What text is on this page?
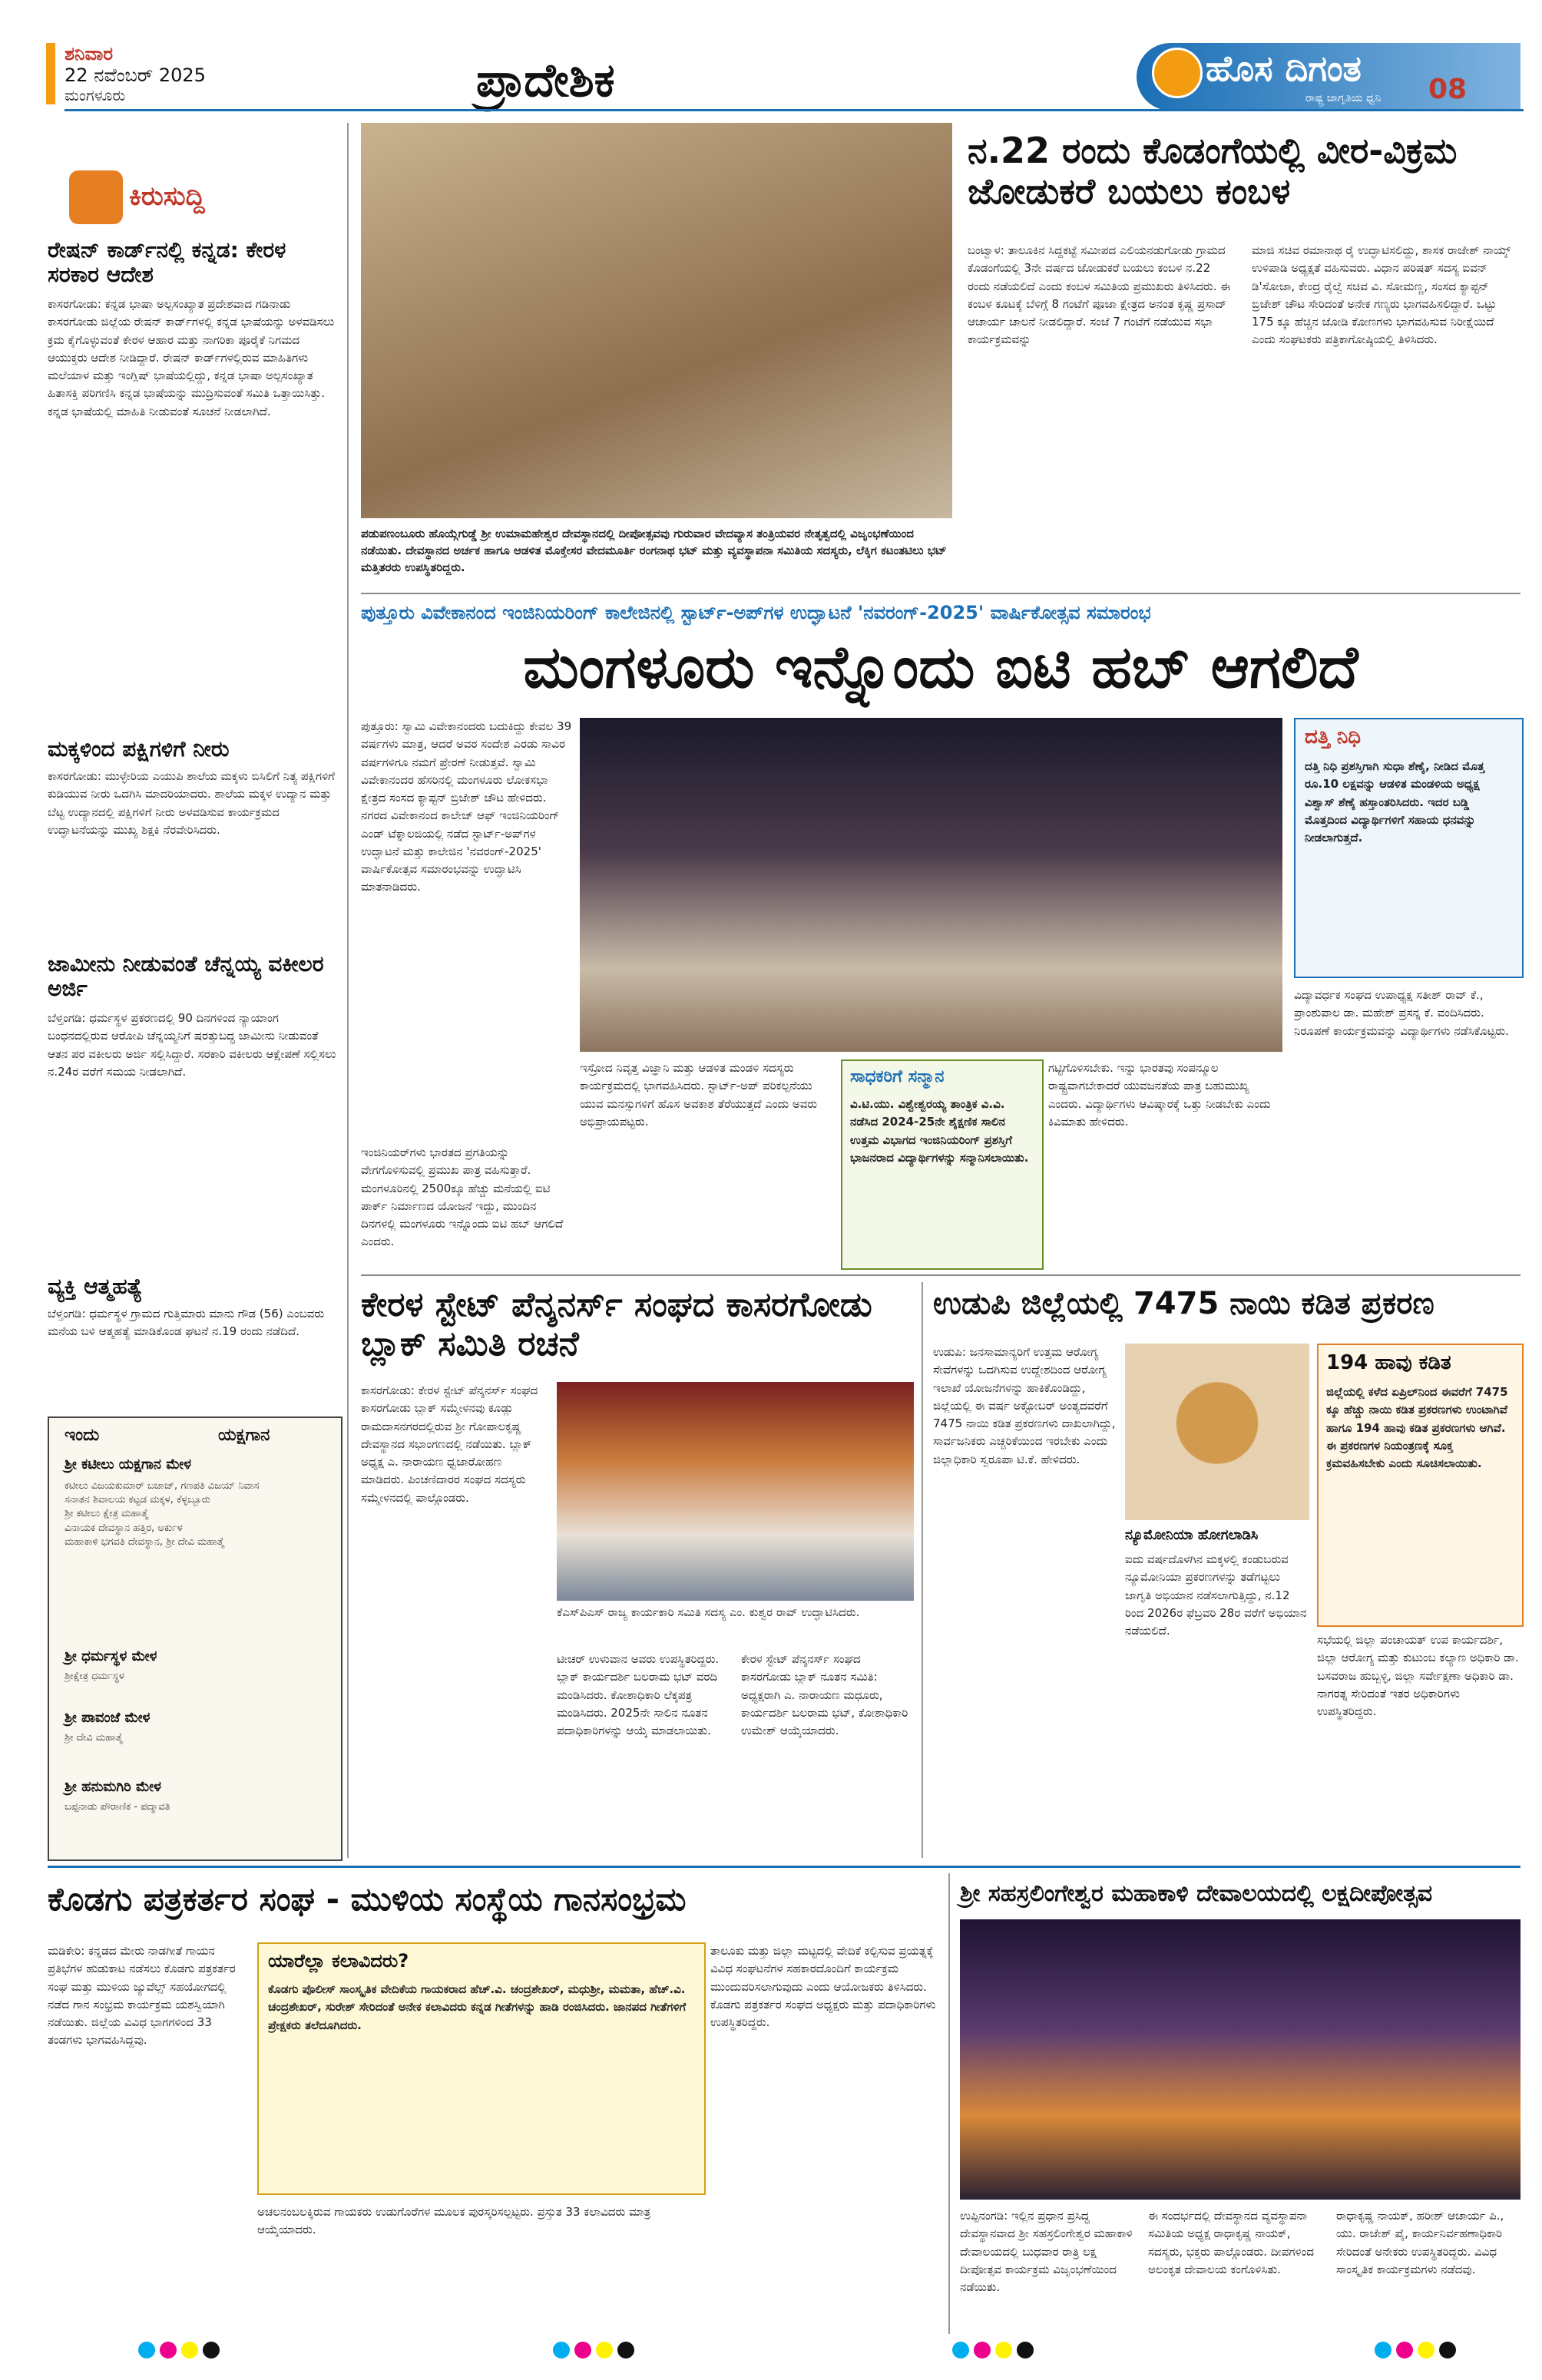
ಶನಿವಾರ
22 ನವೆಂಬರ್ 2025
ಮಂಗಳೂರು	ಪ್ರಾದೇಶಿಕ	ಹೊಸ ದಿಗಂತ
ರಾಷ್ಟ್ರ ಜಾಗೃತಿಯ ಧ್ವನಿ 08
ಕಿರುಸುದ್ದಿ
ರೇಷನ್ ಕಾರ್ಡ್‌ನಲ್ಲಿ ಕನ್ನಡ: ಕೇರಳ ಸರಕಾರ ಆದೇಶ
ಕಾಸರಗೋಡು: ಕನ್ನಡ ಭಾಷಾ ಅಲ್ಪಸಂಖ್ಯಾತ ಪ್ರದೇಶವಾದ ಗಡಿನಾಡು ಕಾಸರಗೋಡು ಜಿಲ್ಲೆಯ ರೇಷನ್ ಕಾರ್ಡ್‌ಗಳಲ್ಲಿ ಕನ್ನಡ ಭಾಷೆಯನ್ನು ಅಳವಡಿಸಲು ಕ್ರಮ ಕೈಗೊಳ್ಳುವಂತೆ ಕೇರಳ ಆಹಾರ ಮತ್ತು ನಾಗರಿಕಾ ಪೂರೈಕೆ ನಿಗಮದ ಆಯುಕ್ತರು ಆದೇಶ ನೀಡಿದ್ದಾರೆ. ರೇಷನ್ ಕಾರ್ಡ್‌ಗಳಲ್ಲಿರುವ ಮಾಹಿತಿಗಳು ಮಲೆಯಾಳ ಮತ್ತು ಇಂಗ್ಲಿಷ್ ಭಾಷೆಯಲ್ಲಿದ್ದು, ಕನ್ನಡ ಭಾಷಾ ಅಲ್ಪಸಂಖ್ಯಾತ ಹಿತಾಸಕ್ತಿ ಪರಿಗಣಿಸಿ ಕನ್ನಡ ಭಾಷೆಯನ್ನು ಮುದ್ರಿಸುವಂತೆ ಸಮಿತಿ ಒತ್ತಾಯಿಸಿತ್ತು. ಕನ್ನಡ ಭಾಷೆಯಲ್ಲಿ ಮಾಹಿತಿ ನೀಡುವಂತೆ ಸೂಚನೆ ನೀಡಲಾಗಿದೆ.
ಮಕ್ಕಳಿಂದ ಪಕ್ಷಿಗಳಿಗೆ ನೀರು
ಕಾಸರಗೋಡು: ಮುಳ್ಳೇರಿಯ ಎಯುಪಿ ಶಾಲೆಯ ಮಕ್ಕಳು ಬಿಸಿಲಿಗೆ ನಿತ್ಯ ಪಕ್ಷಿಗಳಿಗೆ ಕುಡಿಯುವ ನೀರು ಒದಗಿಸಿ ಮಾದರಿಯಾದರು. ಶಾಲೆಯ ಮಕ್ಕಳ ಉದ್ಯಾನ ಮತ್ತು ಬೆಟ್ಟ ಉದ್ಯಾನದಲ್ಲಿ ಪಕ್ಷಿಗಳಿಗೆ ನೀರು ಅಳವಡಿಸುವ ಕಾರ್ಯಕ್ರಮದ ಉದ್ಘಾಟನೆಯನ್ನು ಮುಖ್ಯ ಶಿಕ್ಷಕಿ ನೆರವೇರಿಸಿದರು.
ಜಾಮೀನು ನೀಡುವಂತೆ ಚೆನ್ನಯ್ಯ ವಕೀಲರ ಅರ್ಜಿ
ಬೆಳ್ತಂಗಡಿ: ಧರ್ಮಸ್ಥಳ ಪ್ರಕರಣದಲ್ಲಿ 90 ದಿನಗಳಿಂದ ನ್ಯಾಯಾಂಗ ಬಂಧನದಲ್ಲಿರುವ ಆರೋಪಿ ಚೆನ್ನಯ್ಯನಿಗೆ ಷರತ್ತುಬದ್ಧ ಜಾಮೀನು ನೀಡುವಂತೆ ಆತನ ಪರ ವಕೀಲರು ಅರ್ಜಿ ಸಲ್ಲಿಸಿದ್ದಾರೆ. ಸರಕಾರಿ ವಕೀಲರು ಆಕ್ಷೇಪಣೆ ಸಲ್ಲಿಸಲು ನ.24ರ ವರೆಗೆ ಸಮಯ ನೀಡಲಾಗಿದೆ.
ವ್ಯಕ್ತಿ ಆತ್ಮಹತ್ಯೆ
ಬೆಳ್ತಂಗಡಿ: ಧರ್ಮಸ್ಥಳ ಗ್ರಾಮದ ಗುತ್ತಿಮಾರು ಮಾನು ಗೌಡ (56) ಎಂಬವರು ಮನೆಯ ಬಳಿ ಆತ್ಮಹತ್ಯೆ ಮಾಡಿಕೊಂಡ ಘಟನೆ ನ.19 ರಂದು ನಡೆದಿದೆ.
ಇಂದು	ಯಕ್ಷಗಾನ
ಶ್ರೀ ಕಟೀಲು ಯಕ್ಷಗಾನ ಮೇಳ
ಕಟೀಲು ವಿಜಯಕುಮಾರ್ ಬಜಾಜ್, ಗಣಪತಿ ವಿಜಯ್ ನಿವಾಸ
ಸನಾತನ ಶಿವಾಲಯ ಕಟ್ಟಡ ಮಕ್ಕಳ, ಕೆಳ್ಳಬ್ಬೂರು
ಶ್ರೀ ಕಟೀಲು ಕ್ಷೇತ್ರ ಮಹಾತ್ಮೆ
ವಿನಾಯಕ ದೇವಸ್ಥಾನ ಹತ್ತಿರ, ಅರ್ಕುಳ
ಮಹಾಕಾಳಿ ಭಗವತಿ ದೇವಸ್ಥಾನ, ಶ್ರೀ ದೇವಿ ಮಹಾತ್ಮೆ
ಶ್ರೀ ಧರ್ಮಸ್ಥಳ ಮೇಳ
ಶ್ರೀಕ್ಷೇತ್ರ ಧರ್ಮಸ್ಥಳ
ಶ್ರೀ ಪಾವಂಜೆ ಮೇಳ
ಶ್ರೀ ದೇವಿ ಮಹಾತ್ಮೆ
ಶ್ರೀ ಹನುಮಗಿರಿ ಮೇಳ
ಬಪ್ಪನಾಡು ಪೌರಾಣಿಕ - ಪದ್ಮಾವತಿ
ಪಡುಪಣಂಬೂರು ಹೊಯ್ಗೆಗುಡ್ಡೆ ಶ್ರೀ ಉಮಾಮಹೇಶ್ವರ ದೇವಸ್ಥಾನದಲ್ಲಿ ದೀಪೋತ್ಸವವು ಗುರುವಾರ ವೇದವ್ಯಾಸ ತಂತ್ರಿಯವರ ನೇತೃತ್ವದಲ್ಲಿ ವಿಜೃಂಭಣೆಯಿಂದ ನಡೆಯಿತು. ದೇವಸ್ಥಾನದ ಅರ್ಚಕ ಹಾಗೂ ಆಡಳಿತ ಮೊಕ್ತೇಸರ ವೇದಮೂರ್ತಿ ರಂಗನಾಥ ಭಟ್ ಮತ್ತು ವ್ಯವಸ್ಥಾಪನಾ ಸಮಿತಿಯ ಸದಸ್ಯರು, ಲೆಕ್ಕಿಗ ಕಟಂತಟಿಲು ಭಟ್ ಮತ್ತಿತರರು ಉಪಸ್ಥಿತರಿದ್ದರು.
ನ.22 ರಂದು ಕೊಡಂಗೆಯಲ್ಲಿ ವೀರ-ವಿಕ್ರಮ ಜೋಡುಕರೆ ಬಯಲು ಕಂಬಳ
ಬಂಟ್ವಾಳ: ತಾಲೂಕಿನ ಸಿದ್ದಕಟ್ಟೆ ಸಮೀಪದ ಎಲಿಯನಡುಗೋಡು ಗ್ರಾಮದ ಕೊಡಂಗೆಯಲ್ಲಿ 3ನೇ ವರ್ಷದ ಜೋಡುಕರೆ ಬಯಲು ಕಂಬಳ ನ.22 ರಂದು ನಡೆಯಲಿದೆ ಎಂದು ಕಂಬಳ ಸಮಿತಿಯ ಪ್ರಮುಖರು ತಿಳಿಸಿದರು. ಈ ಕಂಬಳ ಕೂಟಕ್ಕೆ ಬೆಳಿಗ್ಗೆ 8 ಗಂಟೆಗೆ ಪೂಜಾ ಕ್ಷೇತ್ರದ ಅನಂತ ಕೃಷ್ಣ ಪ್ರಸಾದ್ ಆಚಾರ್ಯ ಚಾಲನೆ ನೀಡಲಿದ್ದಾರೆ. ಸಂಜೆ 7 ಗಂಟೆಗೆ ನಡೆಯುವ ಸಭಾ ಕಾರ್ಯಕ್ರಮವನ್ನು
ಮಾಜಿ ಸಚಿವ ರಮಾನಾಥ ರೈ ಉದ್ಘಾಟಿಸಲಿದ್ದು, ಶಾಸಕ ರಾಜೇಶ್ ನಾಯ್ಕ್ ಉಳಿಪಾಡಿ ಅಧ್ಯಕ್ಷತೆ ವಹಿಸುವರು. ವಿಧಾನ ಪರಿಷತ್ ಸದಸ್ಯ ಐವನ್ ಡಿ'ಸೋಜಾ, ಕೇಂದ್ರ ರೈಲ್ವೆ ಸಚಿವ ವಿ. ಸೋಮಣ್ಣ, ಸಂಸದ ಕ್ಯಾಪ್ಟನ್ ಬ್ರಿಜೇಶ್ ಚೌಟ ಸೇರಿದಂತೆ ಅನೇಕ ಗಣ್ಯರು ಭಾಗವಹಿಸಲಿದ್ದಾರೆ. ಒಟ್ಟು 175 ಕ್ಕೂ ಹೆಚ್ಚಿನ ಜೋಡಿ ಕೋಣಗಳು ಭಾಗವಹಿಸುವ ನಿರೀಕ್ಷೆಯಿದೆ ಎಂದು ಸಂಘಟಕರು ಪತ್ರಿಕಾಗೋಷ್ಠಿಯಲ್ಲಿ ತಿಳಿಸಿದರು.
ಪುತ್ತೂರು ವಿವೇಕಾನಂದ ಇಂಜಿನಿಯರಿಂಗ್ ಕಾಲೇಜಿನಲ್ಲಿ ಸ್ಟಾರ್ಟ್-ಅಪ್‌ಗಳ ಉದ್ಘಾಟನೆ 'ನವರಂಗ್-2025' ವಾರ್ಷಿಕೋತ್ಸವ ಸಮಾರಂಭ
ಮಂಗಳೂರು ಇನ್ನೊಂದು ಐಟಿ ಹಬ್ ಆಗಲಿದೆ
ಪುತ್ತೂರು: ಸ್ವಾಮಿ ವಿವೇಕಾನಂದರು ಬದುಕಿದ್ದು ಕೇವಲ 39 ವರ್ಷಗಳು ಮಾತ್ರ, ಆದರೆ ಅವರ ಸಂದೇಶ ಎರಡು ಸಾವಿರ ವರ್ಷಗಳಿಗೂ ನಮಗೆ ಪ್ರೇರಣೆ ನೀಡುತ್ತವೆ. ಸ್ವಾಮಿ ವಿವೇಕಾನಂದರ ಹೆಸರಿನಲ್ಲಿ ಮಂಗಳೂರು ಲೋಕಸಭಾ ಕ್ಷೇತ್ರದ ಸಂಸದ ಕ್ಯಾಪ್ಟನ್ ಬ್ರಿಜೇಶ್ ಚೌಟ ಹೇಳಿದರು. ನಗರದ ವಿವೇಕಾನಂದ ಕಾಲೇಜ್ ಆಫ್ ಇಂಜಿನಿಯರಿಂಗ್ ಎಂಡ್ ಟೆಕ್ನಾಲಜಿಯಲ್ಲಿ ನಡೆದ ಸ್ಟಾರ್ಟ್-ಅಪ್‌ಗಳ ಉದ್ಘಾಟನೆ ಮತ್ತು ಕಾಲೇಜಿನ 'ನವರಂಗ್-2025' ವಾರ್ಷಿಕೋತ್ಸವ ಸಮಾರಂಭವನ್ನು ಉದ್ಘಾಟಿಸಿ ಮಾತನಾಡಿದರು.
ದತ್ತಿ ನಿಧಿ
ದತ್ತಿ ನಿಧಿ ಪ್ರಶಸ್ತಿಗಾಗಿ ಸುಧಾ ಶೆಣೈ, ನೀಡಿದ ಮೊತ್ತ ರೂ.10 ಲಕ್ಷವನ್ನು ಆಡಳಿತ ಮಂಡಳಿಯ ಅಧ್ಯಕ್ಷ ವಿಶ್ವಾಸ್ ಶೆಣೈ ಹಸ್ತಾಂತರಿಸಿದರು. ಇದರ ಬಡ್ಡಿ ಮೊತ್ತದಿಂದ ವಿದ್ಯಾರ್ಥಿಗಳಿಗೆ ಸಹಾಯ ಧನವನ್ನು ನೀಡಲಾಗುತ್ತದೆ.
ಇಂಜಿನಿಯರ್‌ಗಳು ಭಾರತದ ಪ್ರಗತಿಯನ್ನು ವೇಗಗೊಳಿಸುವಲ್ಲಿ ಪ್ರಮುಖ ಪಾತ್ರ ವಹಿಸುತ್ತಾರೆ. ಮಂಗಳೂರಿನಲ್ಲಿ 2500ಕ್ಕೂ ಹೆಚ್ಚು ಮನೆಯಲ್ಲಿ ಐಟಿ ಪಾರ್ಕ್ ನಿರ್ಮಾಣದ ಯೋಜನೆ ಇದ್ದು, ಮುಂದಿನ ದಿನಗಳಲ್ಲಿ ಮಂಗಳೂರು ಇನ್ನೊಂದು ಐಟಿ ಹಬ್ ಆಗಲಿದೆ ಎಂದರು.
ಇಸ್ರೋದ ನಿವೃತ್ತ ವಿಜ್ಞಾನಿ ಮತ್ತು ಆಡಳಿತ ಮಂಡಳಿ ಸದಸ್ಯರು ಕಾರ್ಯಕ್ರಮದಲ್ಲಿ ಭಾಗವಹಿಸಿದರು. ಸ್ಟಾರ್ಟ್-ಅಪ್ ಪರಿಕಲ್ಪನೆಯು ಯುವ ಮನಸ್ಸುಗಳಿಗೆ ಹೊಸ ಅವಕಾಶ ತೆರೆಯುತ್ತದೆ ಎಂದು ಅವರು ಅಭಿಪ್ರಾಯಪಟ್ಟರು.
ಸಾಧಕರಿಗೆ ಸನ್ಮಾನ
ವಿ.ಟಿ.ಯು. ವಿಶ್ವೇಶ್ವರಯ್ಯ ತಾಂತ್ರಿಕ ವಿ.ವಿ. ನಡೆಸಿದ 2024-25ನೇ ಶೈಕ್ಷಣಿಕ ಸಾಲಿನ ಉತ್ತಮ ವಿಭಾಗದ ಇಂಜಿನಿಯರಿಂಗ್ ಪ್ರಶಸ್ತಿಗೆ ಭಾಜನರಾದ ವಿದ್ಯಾರ್ಥಿಗಳನ್ನು ಸನ್ಮಾನಿಸಲಾಯಿತು.
ಗಟ್ಟಿಗೊಳಿಸಬೇಕು. ಇನ್ನು ಭಾರತವು ಸಂಪನ್ಮೂಲ ರಾಷ್ಟ್ರವಾಗಬೇಕಾದರೆ ಯುವಜನತೆಯ ಪಾತ್ರ ಬಹುಮುಖ್ಯ ಎಂದರು. ವಿದ್ಯಾರ್ಥಿಗಳು ಆವಿಷ್ಕಾರಕ್ಕೆ ಒತ್ತು ನೀಡಬೇಕು ಎಂದು ಕಿವಿಮಾತು ಹೇಳಿದರು.
ವಿದ್ಯಾವರ್ಧಕ ಸಂಘದ ಉಪಾಧ್ಯಕ್ಷ ಸತೀಶ್ ರಾವ್ ಕೆ., ಪ್ರಾಂಶುಪಾಲ ಡಾ. ಮಹೇಶ್ ಪ್ರಸನ್ನ ಕೆ. ವಂದಿಸಿದರು. ನಿರೂಪಣೆ ಕಾರ್ಯಕ್ರಮವನ್ನು ವಿದ್ಯಾರ್ಥಿಗಳು ನಡೆಸಿಕೊಟ್ಟರು.
ಕೇರಳ ಸ್ಟೇಟ್ ಪೆನ್ಶನರ್ಸ್ ಸಂಘದ ಕಾಸರಗೋಡು ಬ್ಲಾಕ್ ಸಮಿತಿ ರಚನೆ
ಕಾಸರಗೋಡು: ಕೇರಳ ಸ್ಟೇಟ್ ಪೆನ್ಶನರ್ಸ್ ಸಂಘದ ಕಾಸರಗೋಡು ಬ್ಲಾಕ್ ಸಮ್ಮೇಳನವು ಕೂಡ್ಲು ರಾಮದಾಸನಗರದಲ್ಲಿರುವ ಶ್ರೀ ಗೋಪಾಲಕೃಷ್ಣ ದೇವಸ್ಥಾನದ ಸಭಾಂಗಣದಲ್ಲಿ ನಡೆಯಿತು. ಬ್ಲಾಕ್ ಅಧ್ಯಕ್ಷ ಎ. ನಾರಾಯಣ ಧ್ವಜಾರೋಹಣ ಮಾಡಿದರು. ಪಿಂಚಣಿದಾರರ ಸಂಘದ ಸದಸ್ಯರು ಸಮ್ಮೇಳನದಲ್ಲಿ ಪಾಲ್ಗೊಂಡರು.
ಕೆಎಸ್‌ಪಿಎಸ್ ರಾಜ್ಯ ಕಾರ್ಯಕಾರಿ ಸಮಿತಿ ಸದಸ್ಯ ಎಂ. ಕುಶ್ವರ ರಾವ್ ಉದ್ಘಾಟಿಸಿದರು.
ಟೀಚರ್ ಉಳುವಾನ ಅವರು ಉಪಸ್ಥಿತರಿದ್ದರು. ಬ್ಲಾಕ್ ಕಾರ್ಯದರ್ಶಿ ಬಲರಾಮ ಭಟ್ ವರದಿ ಮಂಡಿಸಿದರು. ಕೋಶಾಧಿಕಾರಿ ಲೆಕ್ಕಪತ್ರ ಮಂಡಿಸಿದರು. 2025ನೇ ಸಾಲಿನ ನೂತನ ಪದಾಧಿಕಾರಿಗಳನ್ನು ಆಯ್ಕೆ ಮಾಡಲಾಯಿತು.
ಕೇರಳ ಸ್ಟೇಟ್ ಪೆನ್ಶನರ್ಸ್ ಸಂಘದ ಕಾಸರಗೋಡು ಬ್ಲಾಕ್ ನೂತನ ಸಮಿತಿ: ಅಧ್ಯಕ್ಷರಾಗಿ ಎ. ನಾರಾಯಣ ಮಧೂರು, ಕಾರ್ಯದರ್ಶಿ ಬಲರಾಮ ಭಟ್, ಕೋಶಾಧಿಕಾರಿ ಉಮೇಶ್ ಆಯ್ಕೆಯಾದರು.
ಉಡುಪಿ ಜಿಲ್ಲೆಯಲ್ಲಿ 7475 ನಾಯಿ ಕಡಿತ ಪ್ರಕರಣ
ಉಡುಪಿ: ಜನಸಾಮಾನ್ಯರಿಗೆ ಉತ್ತಮ ಆರೋಗ್ಯ ಸೇವೆಗಳನ್ನು ಒದಗಿಸುವ ಉದ್ದೇಶದಿಂದ ಆರೋಗ್ಯ ಇಲಾಖೆ ಯೋಜನೆಗಳನ್ನು ಹಾಕಿಕೊಂಡಿದ್ದು, ಜಿಲ್ಲೆಯಲ್ಲಿ ಈ ವರ್ಷ ಅಕ್ಟೋಬರ್ ಅಂತ್ಯದವರೆಗೆ 7475 ನಾಯಿ ಕಡಿತ ಪ್ರಕರಣಗಳು ದಾಖಲಾಗಿದ್ದು, ಸಾರ್ವಜನಿಕರು ಎಚ್ಚರಿಕೆಯಿಂದ ಇರಬೇಕು ಎಂದು ಜಿಲ್ಲಾಧಿಕಾರಿ ಸ್ವರೂಪಾ ಟಿ.ಕೆ. ಹೇಳಿದರು.
ನ್ಯೂಮೋನಿಯಾ ಹೋಗಲಾಡಿಸಿ
ಐದು ವರ್ಷದೊಳಗಿನ ಮಕ್ಕಳಲ್ಲಿ ಕಂಡುಬರುವ ನ್ಯೂಮೋನಿಯಾ ಪ್ರಕರಣಗಳನ್ನು ತಡೆಗಟ್ಟಲು ಜಾಗೃತಿ ಅಭಿಯಾನ ನಡೆಸಲಾಗುತ್ತಿದ್ದು, ನ.12 ರಿಂದ 2026ರ ಫೆಬ್ರವರಿ 28ರ ವರೆಗೆ ಅಭಿಯಾನ ನಡೆಯಲಿದೆ.
194 ಹಾವು ಕಡಿತ
ಜಿಲ್ಲೆಯಲ್ಲಿ ಕಳೆದ ಏಪ್ರಿಲ್‌ನಿಂದ ಈವರೆಗೆ 7475 ಕ್ಕೂ ಹೆಚ್ಚು ನಾಯಿ ಕಡಿತ ಪ್ರಕರಣಗಳು ಉಂಟಾಗಿವೆ ಹಾಗೂ 194 ಹಾವು ಕಡಿತ ಪ್ರಕರಣಗಳು ಆಗಿವೆ. ಈ ಪ್ರಕರಣಗಳ ನಿಯಂತ್ರಣಕ್ಕೆ ಸೂಕ್ತ ಕ್ರಮವಹಿಸಬೇಕು ಎಂದು ಸೂಚಿಸಲಾಯಿತು.
ಸಭೆಯಲ್ಲಿ ಜಿಲ್ಲಾ ಪಂಚಾಯತ್ ಉಪ ಕಾರ್ಯದರ್ಶಿ, ಜಿಲ್ಲಾ ಆರೋಗ್ಯ ಮತ್ತು ಕುಟುಂಬ ಕಲ್ಯಾಣ ಅಧಿಕಾರಿ ಡಾ. ಬಸವರಾಜ ಹುಬ್ಬಳ್ಳಿ, ಜಿಲ್ಲಾ ಸರ್ವೇಕ್ಷಣಾ ಅಧಿಕಾರಿ ಡಾ. ನಾಗರತ್ನ ಸೇರಿದಂತೆ ಇತರ ಅಧಿಕಾರಿಗಳು ಉಪಸ್ಥಿತರಿದ್ದರು.
ಕೊಡಗು ಪತ್ರಕರ್ತರ ಸಂಘ - ಮುಳಿಯ ಸಂಸ್ಥೆಯ ಗಾನಸಂಭ್ರಮ
ಮಡಿಕೇರಿ: ಕನ್ನಡದ ಮೇರು ನಾಡಗೀತೆ ಗಾಯನ ಪ್ರತಿಭೆಗಳ ಹುಡುಕಾಟ ನಡೆಸಲು ಕೊಡಗು ಪತ್ರಕರ್ತರ ಸಂಘ ಮತ್ತು ಮುಳಿಯ ಜ್ಯುವೆಲ್ಸ್ ಸಹಯೋಗದಲ್ಲಿ ನಡೆದ ಗಾನ ಸಂಭ್ರಮ ಕಾರ್ಯಕ್ರಮ ಯಶಸ್ವಿಯಾಗಿ ನಡೆಯಿತು. ಜಿಲ್ಲೆಯ ವಿವಿಧ ಭಾಗಗಳಿಂದ 33 ತಂಡಗಳು ಭಾಗವಹಿಸಿದ್ದವು.
ಯಾರೆಲ್ಲಾ ಕಲಾವಿದರು?
ಕೊಡಗು ಪೊಲೀಸ್ ಸಾಂಸ್ಕೃತಿಕ ವೇದಿಕೆಯ ಗಾಯಕರಾದ ಹೆಚ್.ವಿ. ಚಂದ್ರಶೇಖರ್, ಮಧುಶ್ರೀ, ಮಮತಾ, ಹೆಚ್.ವಿ. ಚಂದ್ರಶೇಖರ್, ಸುರೇಶ್ ಸೇರಿದಂತೆ ಅನೇಕ ಕಲಾವಿದರು ಕನ್ನಡ ಗೀತೆಗಳನ್ನು ಹಾಡಿ ರಂಜಿಸಿದರು. ಜಾನಪದ ಗೀತೆಗಳಿಗೆ ಪ್ರೇಕ್ಷಕರು ತಲೆದೂಗಿದರು.
ಅಚಲನಂಬಲಕ್ಕಿರುವ ಗಾಯಕರು ಉಡುಗೊರೆಗಳ ಮೂಲಕ ಪುರಸ್ಕರಿಸಲ್ಪಟ್ಟರು. ಪ್ರಸ್ತುತ 33 ಕಲಾವಿದರು ಮಾತ್ರ ಆಯ್ಕೆಯಾದರು.
ತಾಲೂಕು ಮತ್ತು ಜಿಲ್ಲಾ ಮಟ್ಟದಲ್ಲಿ ವೇದಿಕೆ ಕಲ್ಪಿಸುವ ಪ್ರಯತ್ನಕ್ಕೆ ವಿವಿಧ ಸಂಘಟನೆಗಳ ಸಹಕಾರದೊಂದಿಗೆ ಕಾರ್ಯಕ್ರಮ ಮುಂದುವರಿಸಲಾಗುವುದು ಎಂದು ಆಯೋಜಕರು ತಿಳಿಸಿದರು. ಕೊಡಗು ಪತ್ರಕರ್ತರ ಸಂಘದ ಅಧ್ಯಕ್ಷರು ಮತ್ತು ಪದಾಧಿಕಾರಿಗಳು ಉಪಸ್ಥಿತರಿದ್ದರು.
ಶ್ರೀ ಸಹಸ್ರಲಿಂಗೇಶ್ವರ ಮಹಾಕಾಳಿ ದೇವಾಲಯದಲ್ಲಿ ಲಕ್ಷದೀಪೋತ್ಸವ
ಉಪ್ಪಿನಂಗಡಿ: ಇಲ್ಲಿನ ಪ್ರಧಾನ ಪ್ರಸಿದ್ಧ ದೇವಸ್ಥಾನವಾದ ಶ್ರೀ ಸಹಸ್ರಲಿಂಗೇಶ್ವರ ಮಹಾಕಾಳಿ ದೇವಾಲಯದಲ್ಲಿ ಬುಧವಾರ ರಾತ್ರಿ ಲಕ್ಷ ದೀಪೋತ್ಸವ ಕಾರ್ಯಕ್ರಮ ವಿಜೃಂಭಣೆಯಿಂದ ನಡೆಯಿತು.
ಈ ಸಂದರ್ಭದಲ್ಲಿ ದೇವಸ್ಥಾನದ ವ್ಯವಸ್ಥಾಪನಾ ಸಮಿತಿಯ ಅಧ್ಯಕ್ಷ ರಾಧಾಕೃಷ್ಣ ನಾಯಕ್, ಸದಸ್ಯರು, ಭಕ್ತರು ಪಾಲ್ಗೊಂಡರು. ದೀಪಗಳಿಂದ ಅಲಂಕೃತ ದೇವಾಲಯ ಕಂಗೊಳಿಸಿತು.
ರಾಧಾಕೃಷ್ಣ ನಾಯಕ್, ಹರೀಶ್ ಆಚಾರ್ಯ ಪಿ., ಯು. ರಾಜೇಶ್ ಪೈ, ಕಾರ್ಯನಿರ್ವಹಣಾಧಿಕಾರಿ ಸೇರಿದಂತೆ ಅನೇಕರು ಉಪಸ್ಥಿತರಿದ್ದರು. ವಿವಿಧ ಸಾಂಸ್ಕೃತಿಕ ಕಾರ್ಯಕ್ರಮಗಳು ನಡೆದವು.
